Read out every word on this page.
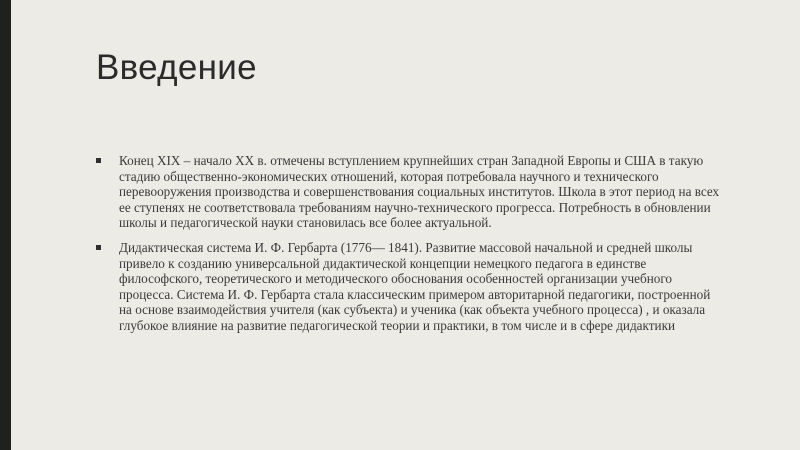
Введение
Конец XIX – начало XX в. отмечены вступлением крупнейших стран Западной Европы и США в такую стадию общественно-экономических отношений, которая потребовала научного и технического перевооружения производства и совершенствования социальных институтов. Школа в этот период на всех ее ступенях не соответствовала требованиям научно-технического прогресса. Потребность в обновлении школы и педагогической науки становилась все более актуальной.
Дидактическая система И. Ф. Гербарта (1776— 1841). Развитие массовой начальной и средней школы привело к созданию универсальной дидактической концепции немецкого педагога в единстве философского, теоретического и методического обоснования особенностей организации учебного процесса. Система И. Ф. Гербарта стала классическим примером авторитарной педагогики, построенной на основе взаимодействия учителя (как субъекта) и ученика (как объекта учебного процесса) , и оказала глубокое влияние на развитие педагогической теории и практики, в том числе и в сфере дидактики
